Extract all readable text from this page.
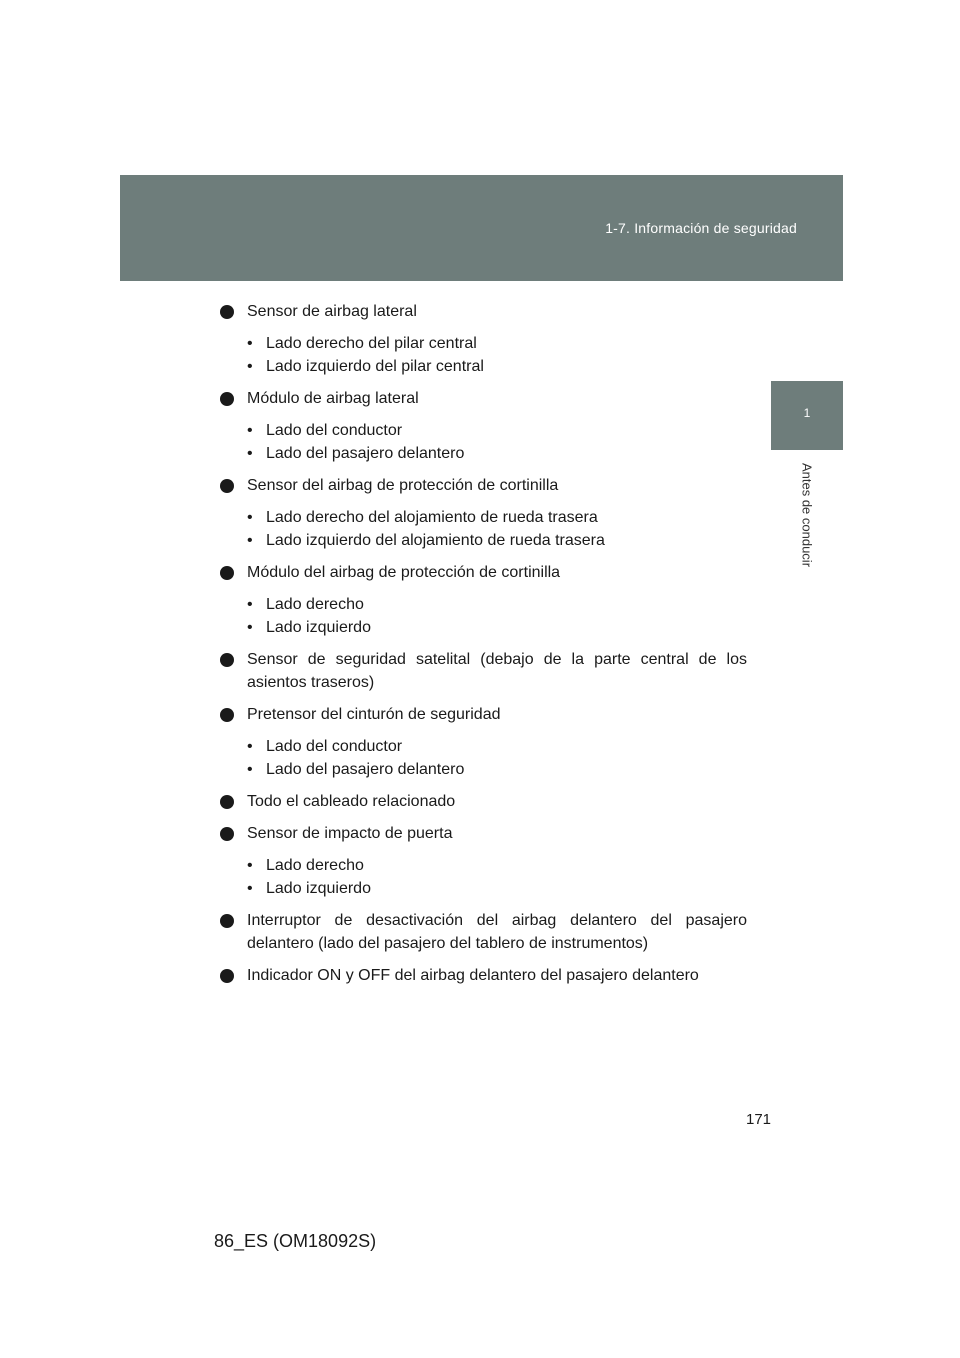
1-7. Información de seguridad
1
Antes de conducir
Sensor de airbag lateral
• Lado derecho del pilar central
• Lado izquierdo del pilar central
Módulo de airbag lateral
• Lado del conductor
• Lado del pasajero delantero
Sensor del airbag de protección de cortinilla
• Lado derecho del alojamiento de rueda trasera
• Lado izquierdo del alojamiento de rueda trasera
Módulo del airbag de protección de cortinilla
• Lado derecho
• Lado izquierdo
Sensor de seguridad satelital (debajo de la parte central de los asientos traseros)
Pretensor del cinturón de seguridad
• Lado del conductor
• Lado del pasajero delantero
Todo el cableado relacionado
Sensor de impacto de puerta
• Lado derecho
• Lado izquierdo
Interruptor de desactivación del airbag delantero del pasajero delantero (lado del pasajero del tablero de instrumentos)
Indicador ON y OFF del airbag delantero del pasajero delantero
171
86_ES (OM18092S)
